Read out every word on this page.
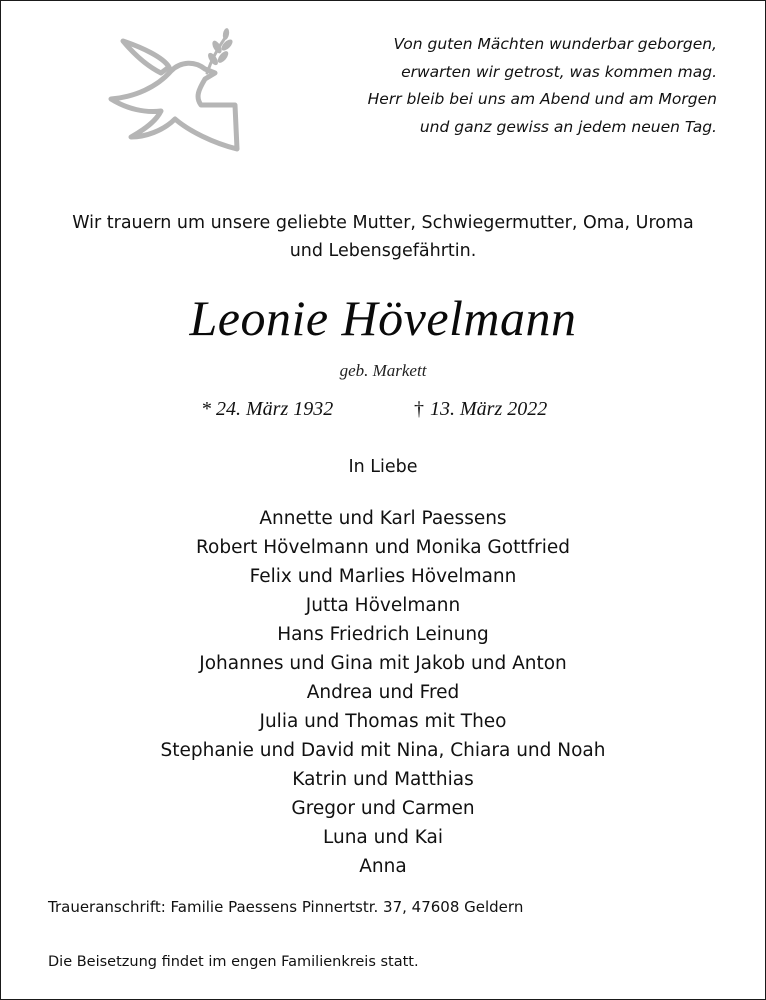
Von guten Mächten wunderbar geborgen,
erwarten wir getrost, was kommen mag.
Herr bleib bei uns am Abend und am Morgen
und ganz gewiss an jedem neuen Tag.
Wir trauern um unsere geliebte Mutter, Schwiegermutter, Oma, Uroma
und Lebensgefährtin.
Leonie Hövelmann
geb. Markett
* 24. März 1932	† 13. März 2022
In Liebe
Annette und Karl Paessens
Robert Hövelmann und Monika Gottfried
Felix und Marlies Hövelmann
Jutta Hövelmann
Hans Friedrich Leinung
Johannes und Gina mit Jakob und Anton
Andrea und Fred
Julia und Thomas mit Theo
Stephanie und David mit Nina, Chiara und Noah
Katrin und Matthias
Gregor und Carmen
Luna und Kai
Anna
Traueranschrift: Familie Paessens Pinnertstr. 37, 47608 Geldern
Die Beisetzung findet im engen Familienkreis statt.
